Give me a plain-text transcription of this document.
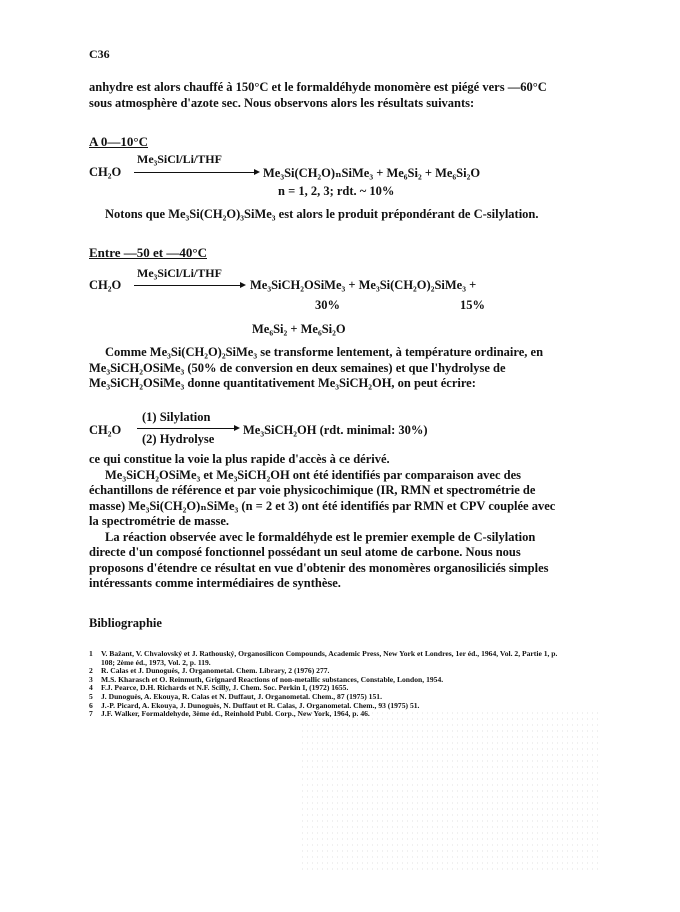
C36

anhydre est alors chauffé à 150°C et le formaldéhyde monomère est piégé vers —60°C sous atmosphère d'azote sec. Nous observons alors les résultats suivants:

A 0—10°C
CH₂O
Me₃SiCl/Li/THF
Me₃Si(CH₂O)ₙSiMe₃ + Me₆Si₂ + Me₆Si₂O
n = 1, 2, 3; rdt. ~ 10%

Notons que Me₃Si(CH₂O)₃SiMe₃ est alors le produit prépondérant de C-silylation.

Entre —50 et —40°C
CH₂O
Me₃SiCl/Li/THF
Me₃SiCH₂OSiMe₃ + Me₃Si(CH₂O)₂SiMe₃ +
30%	15%
Me₆Si₂ + Me₆Si₂O

Comme Me₃Si(CH₂O)₂SiMe₃ se transforme lentement, à température ordinaire, en Me₃SiCH₂OSiMe₃ (50% de conversion en deux semaines) et que l'hydrolyse de Me₃SiCH₂OSiMe₃ donne quantitativement Me₃SiCH₂OH, on peut écrire:

CH₂O
(1) Silylation
(2) Hydrolyse
Me₃SiCH₂OH (rdt. minimal: 30%)

ce qui constitue la voie la plus rapide d'accès à ce dérivé.

Me₃SiCH₂OSiMe₃ et Me₃SiCH₂OH ont été identifiés par comparaison avec des échantillons de référence et par voie physicochimique (IR, RMN et spectrométrie de masse) Me₃Si(CH₂O)ₙSiMe₃ (n = 2 et 3) ont été identifiés par RMN et CPV couplée avec la spectrométrie de masse.

La réaction observée avec le formaldéhyde est le premier exemple de C-silylation directe d'un composé fonctionnel possédant un seul atome de carbone. Nous nous proposons d'étendre ce résultat en vue d'obtenir des monomères organosiliciés simples intéressants comme intermédiaires de synthèse.

Bibliographie
1	V. Bažant, V. Chvalovský et J. Rathouský, Organosilicon Compounds, Academic Press, New York et Londres, 1er éd., 1964, Vol. 2, Partie 1, p. 108; 2ème éd., 1973, Vol. 2, p. 119.
2	R. Calas et J. Dunoguès, J. Organometal. Chem. Library, 2 (1976) 277.
3	M.S. Kharasch et O. Reinmuth, Grignard Reactions of non-metallic substances, Constable, London, 1954.
4	F.J. Pearce, D.H. Richards et N.F. Scilly, J. Chem. Soc. Perkin I, (1972) 1655.
5	J. Dunoguès, A. Ekouya, R. Calas et N. Duffaut, J. Organometal. Chem., 87 (1975) 151.
6	J.-P. Picard, A. Ekouya, J. Dunoguès, N. Duffaut et R. Calas, J. Organometal. Chem., 93 (1975) 51.
7	J.F. Walker, Formaldehyde, 3ème éd., Reinhold Publ. Corp., New York, 1964, p. 46.
